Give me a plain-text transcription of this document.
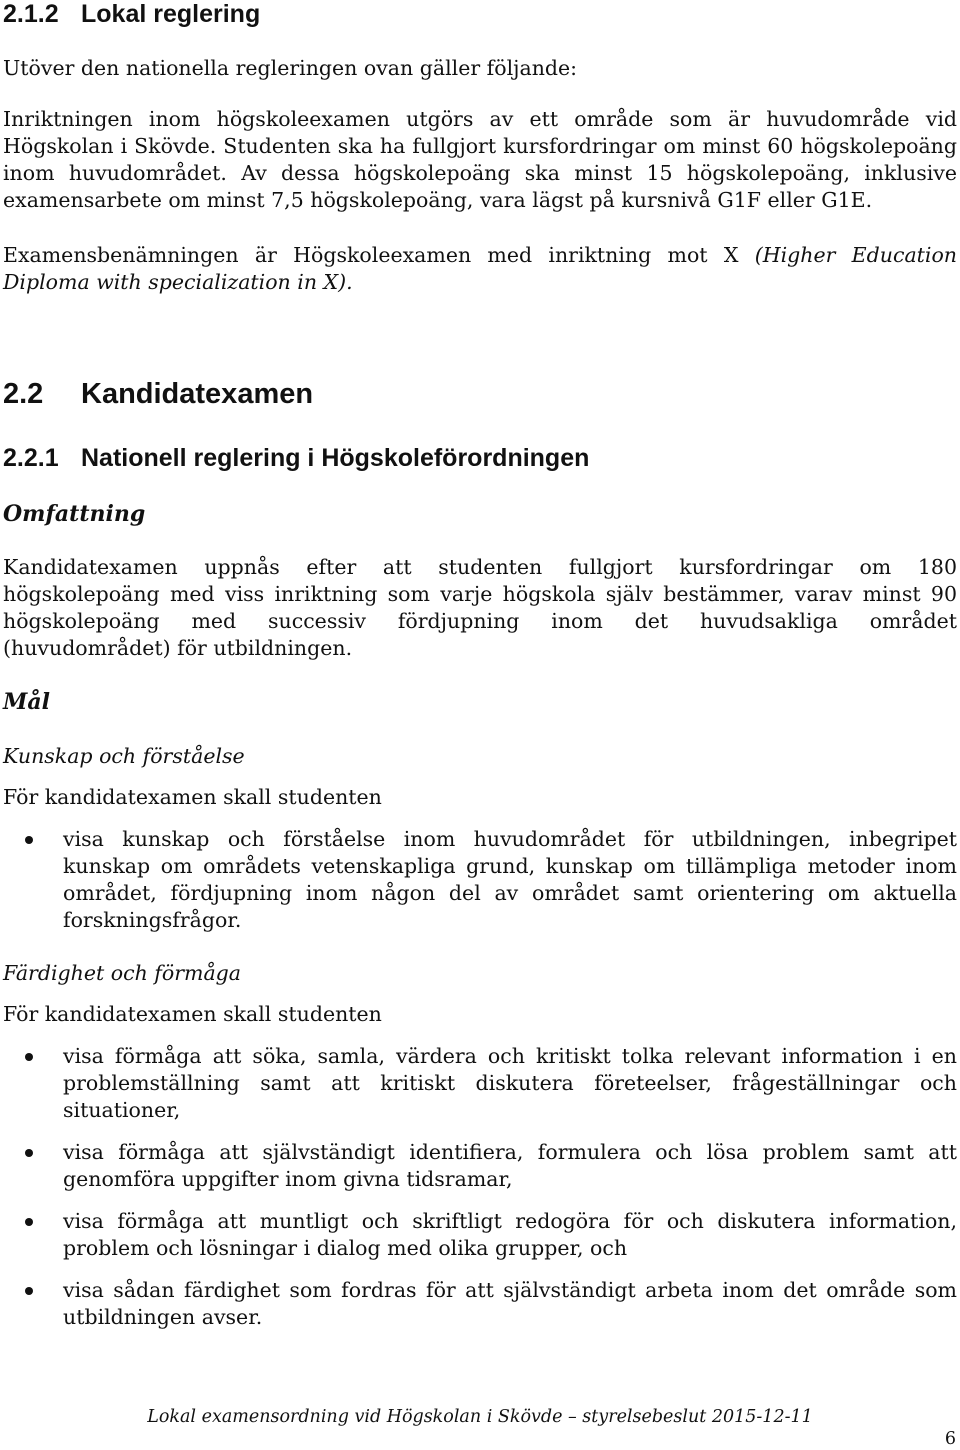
2.1.2 Lokal reglering

Utöver den nationella regleringen ovan gäller följande:

Inriktningen inom högskoleexamen utgörs av ett område som är huvudområde vid
Högskolan i Skövde. Studenten ska ha fullgjort kursfordringar om minst 60 högskolepoäng
inom huvudområdet. Av dessa högskolepoäng ska minst 15 högskolepoäng, inklusive
examensarbete om minst 7,5 högskolepoäng, vara lägst på kursnivå G1F eller G1E.

Examensbenämningen är Högskoleexamen med inriktning mot X (Higher Education
Diploma with specialization in X).

2.2 Kandidatexamen
2.2.1 Nationell reglering i Högskoleförordningen
Omfattning

Kandidatexamen uppnås efter att studenten fullgjort kursfordringar om 180
högskolepoäng med viss inriktning som varje högskola själv bestämmer, varav minst 90
högskolepoäng med successiv fördjupning inom det huvudsakliga området
(huvudområdet) för utbildningen.

Mål
Kunskap och förståelse

För kandidatexamen skall studenten

visa kunskap och förståelse inom huvudområdet för utbildningen, inbegripet
kunskap om områdets vetenskapliga grund, kunskap om tillämpliga metoder inom
området, fördjupning inom någon del av området samt orientering om aktuella
forskningsfrågor.

Färdighet och förmåga

För kandidatexamen skall studenten

visa förmåga att söka, samla, värdera och kritiskt tolka relevant information i en
problemställning samt att kritiskt diskutera företeelser, frågeställningar och
situationer,

visa förmåga att självständigt identifiera, formulera och lösa problem samt att
genomföra uppgifter inom givna tidsramar,

visa förmåga att muntligt och skriftligt redogöra för och diskutera information,
problem och lösningar i dialog med olika grupper, och

visa sådan färdighet som fordras för att självständigt arbeta inom det område som
utbildningen avser.

Lokal examensordning vid Högskolan i Skövde – styrelsebeslut 2015-12-11
6
